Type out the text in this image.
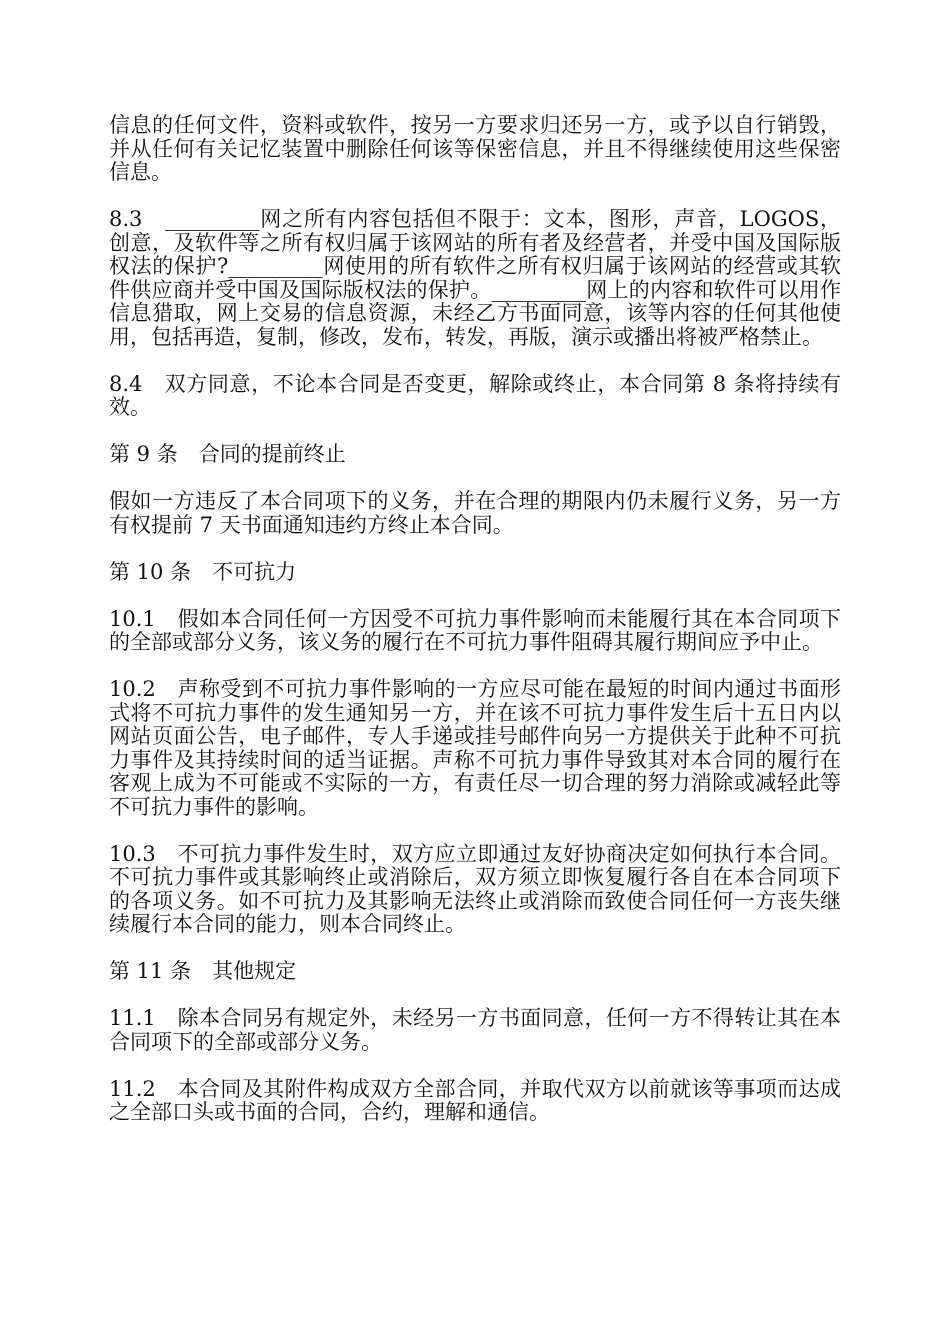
信息的任何文件，资料或软件，按另一方要求归还另一方，或予以自行销毁，并从任何有关记忆装置中删除任何该等保密信息，并且不得继续使用这些保密信息。

8.3　_________网之所有内容包括但不限于：文本，图形，声音，LOGOS，创意，及软件等之所有权归属于该网站的所有者及经营者，并受中国及国际版权法的保护?_________网使用的所有软件之所有权归属于该网站的经营或其软件供应商并受中国及国际版权法的保护。_________网上的内容和软件可以用作信息猎取，网上交易的信息资源，未经乙方书面同意，该等内容的任何其他使用，包括再造，复制，修改，发布，转发，再版，演示或播出将被严格禁止。

8.4　双方同意，不论本合同是否变更，解除或终止，本合同第 8 条将持续有效。

第 9 条　合同的提前终止

假如一方违反了本合同项下的义务，并在合理的期限内仍未履行义务，另一方有权提前 7 天书面通知违约方终止本合同。

第 10 条　不可抗力

10.1　假如本合同任何一方因受不可抗力事件影响而未能履行其在本合同项下的全部或部分义务，该义务的履行在不可抗力事件阻碍其履行期间应予中止。

10.2　声称受到不可抗力事件影响的一方应尽可能在最短的时间内通过书面形式将不可抗力事件的发生通知另一方，并在该不可抗力事件发生后十五日内以网站页面公告，电子邮件，专人手递或挂号邮件向另一方提供关于此种不可抗力事件及其持续时间的适当证据。声称不可抗力事件导致其对本合同的履行在客观上成为不可能或不实际的一方，有责任尽一切合理的努力消除或减轻此等不可抗力事件的影响。

10.3　不可抗力事件发生时，双方应立即通过友好协商决定如何执行本合同。不可抗力事件或其影响终止或消除后，双方须立即恢复履行各自在本合同项下的各项义务。如不可抗力及其影响无法终止或消除而致使合同任何一方丧失继续履行本合同的能力，则本合同终止。

第 11 条　其他规定

11.1　除本合同另有规定外，未经另一方书面同意，任何一方不得转让其在本合同项下的全部或部分义务。

11.2　本合同及其附件构成双方全部合同，并取代双方以前就该等事项而达成之全部口头或书面的合同，合约，理解和通信。
